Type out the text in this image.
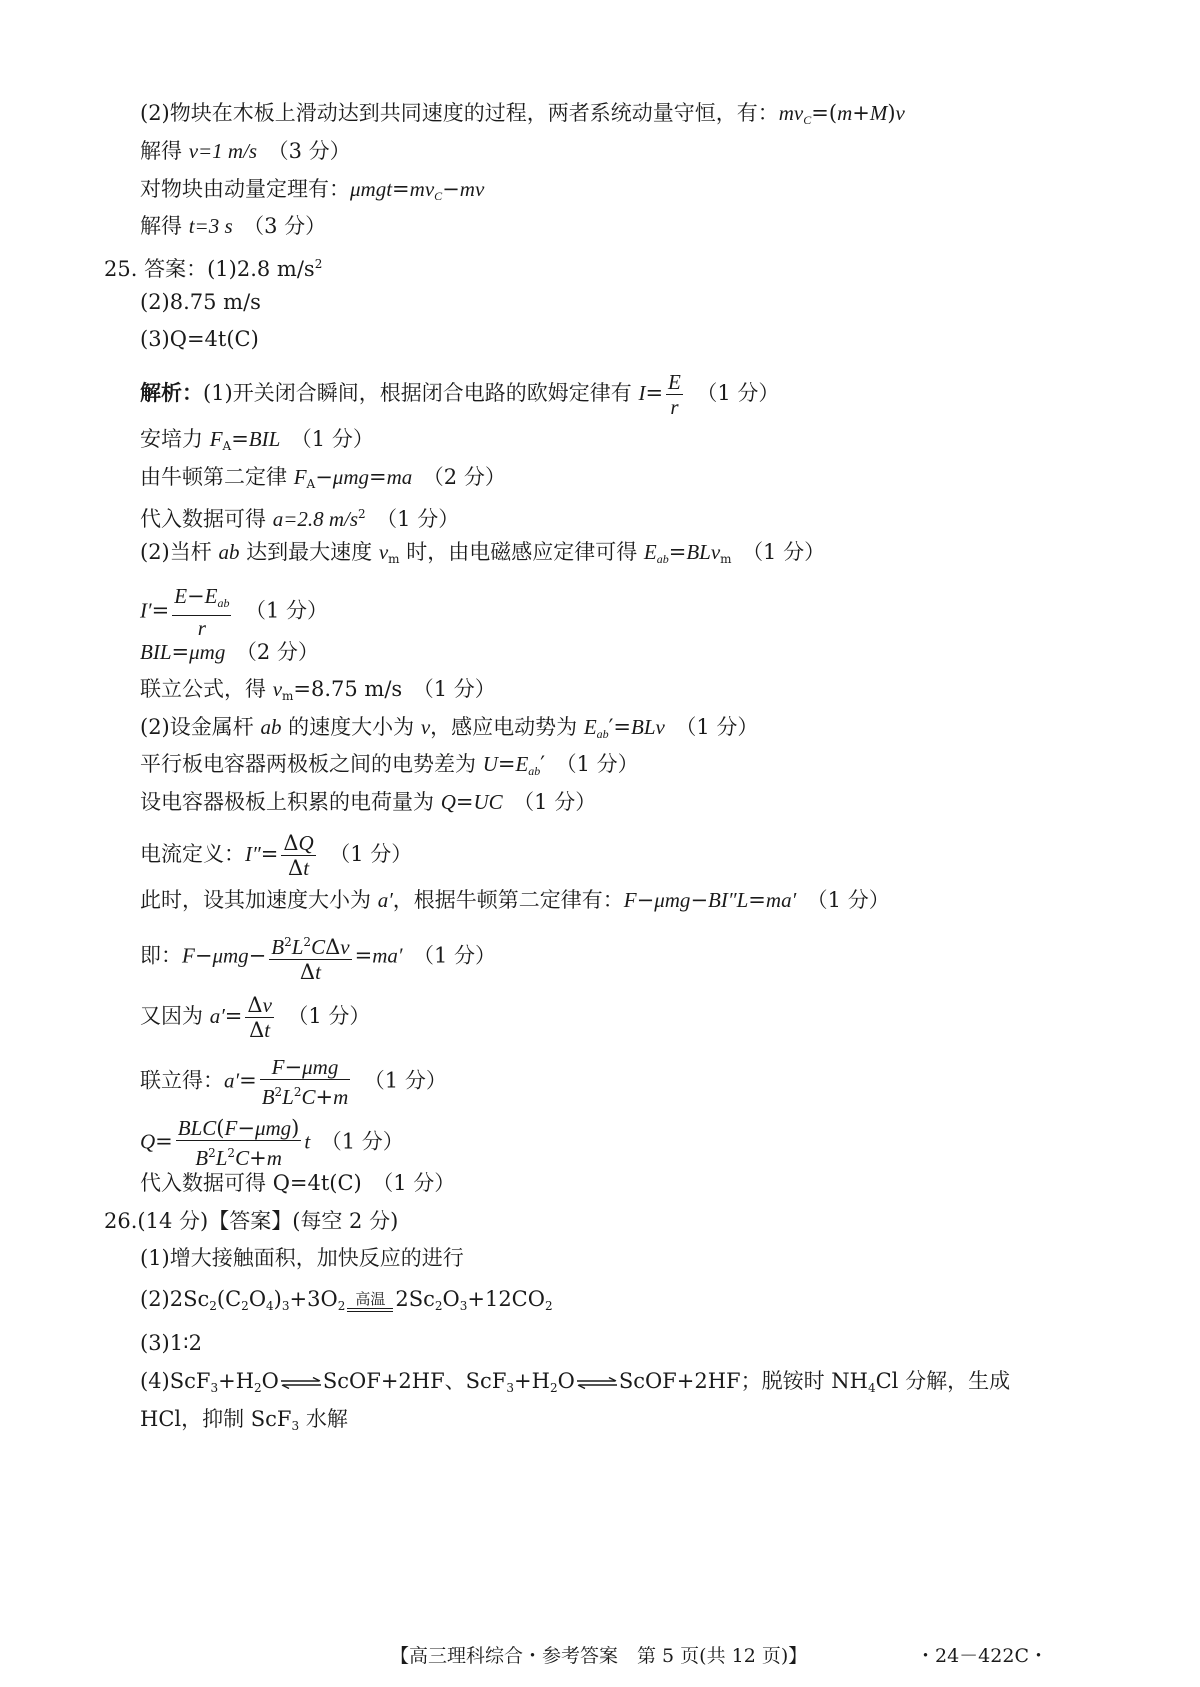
(2)物块在木板上滑动达到共同速度的过程，两者系统动量守恒，有：$mv_C=(m+M)v$
解得 v=1 m/s　 （3 分）
对物块由动量定理有：$\mu mgt=mv_C-mv$
解得 t=3 s　 （3 分）
25. 答案：(1)2.8 $m/s^2$
(2)8.75 m/s
(3)Q=4t(C)
解析：(1)开关闭合瞬间，根据闭合电路的欧姆定律有 $I= \frac{E}{r}$
　 （1 分）
安培力 $F_A=BIL$　 （1 分）
由牛顿第二定律 $F_A-\mu mg=ma$　 （2 分）
代入数据可得 a=2.8 $m/s^2$　 （1 分）
(2)当杆 ab 达到最大速度 $v_m$ 时，由电磁感应定律可得 $E_{ab}=BLv_m$　 （1 分）
$I'= \frac{E-E_{ab}}{r}$
　 （1 分）
BIL=μmg　 （2 分）
联立公式，得 $v_m=8.75$ m/s　 （1 分）
(2)设金属杆 ab 的速度大小为 v，感应电动势为 $E_{ab}'=BLv$　 （1 分）
平行板电容器两极板之间的电势差为 $U=E_{ab}'$　（1 分）
设电容器极板上积累的电荷量为 Q=UC　 （1 分）
电流定义：$I''= \frac{\Delta Q}{\Delta t}$
　 （1 分）
此时，设其加速度大小为 a′，根据牛顿第二定律有：F−μmg−BI″L=ma′　 （1 分）
即：$F-\mu mg- \frac{B^2L^2C\Delta v}{\Delta t} =ma'$　 （1 分）
又因为 $a'= \frac{\Delta v}{\Delta t}$
　 （1 分）
联立得：$a'= \frac{\text{F−μmg}}{B^2L^2C+m}$
　 （1 分）
$Q= \frac{\text{BLC(F−μmg)}}{B^2L^2C+m}$ t　 （1 分）
代入数据可得 Q=4t(C)　 （1 分）
26.(14 分)【答案】(每空 2 分)
(1)增大接触面积，加快反应的进行
$(2)2Sc_2(C_2O_4)_3+3O_2$ 高温 $2Sc_2O_3+12CO_2$
(3)1∶2
$(4)ScF_3+H_2O\rightleftharpoons ScOF+2HF$、$ScF_3+H_2O\rightleftharpoons ScOF+2HF$；脱铵时 $NH_4Cl$ 分解，生成
HCl，抑制 ScF$_3$ 水解
【高三理科综合・参考答案　第 5 页(共 12 页)】	・24－422C・
